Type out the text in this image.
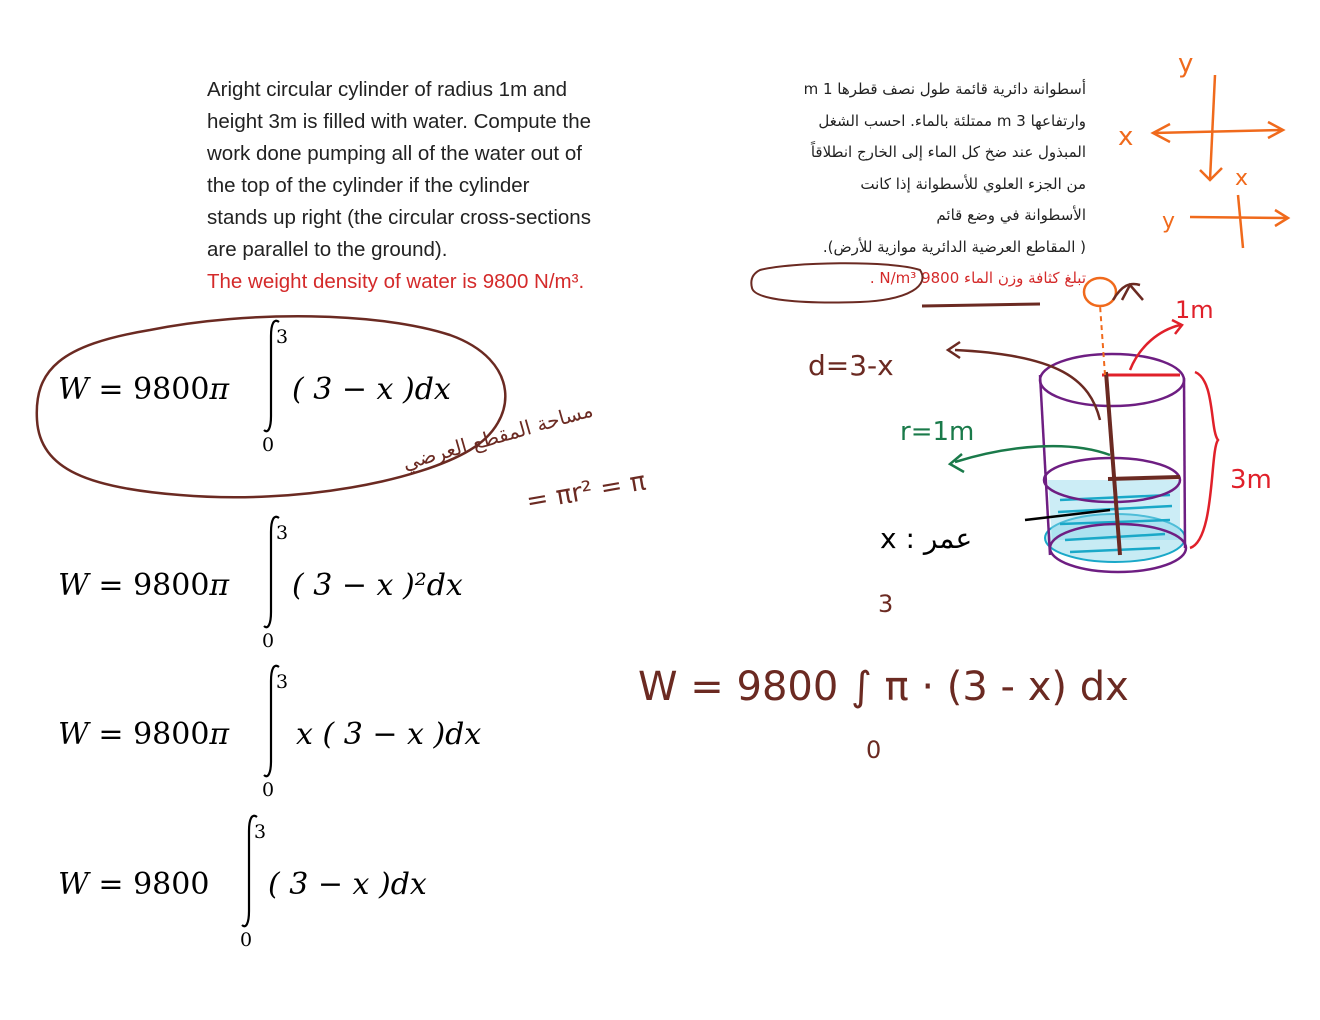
Aright circular cylinder of radius 1m and
height 3m is filled with water. Compute the
work done pumping all of the water out of
the top of the cylinder if the cylinder
stands up right (the circular cross-sections
are parallel to the ground).
The weight density of water is 9800 N/m³.
أسطوانة دائرية قائمة طول نصف قطرها 1 m
وارتفاعها 3 m ممتلئة بالماء. احسب الشغل
المبذول عند ضخ كل الماء إلى الخارج انطلاقاً
من الجزء العلوي للأسطوانة إذا كانت
الأسطوانة في وضع قائم
( المقاطع العرضية الدائرية موازية للأرض).
تبلغ كثافة وزن الماء 9800 N/m³ .
W = 9800π
3
0
( 3 − x )dx
W = 9800π
3
0
( 3 − x )²dx
W = 9800π
3
0
x ( 3 − x )dx
W = 9800
3
0
( 3 − x )dx
y
x
x
y
1m
d=3-x
r=1m
3m
x : عمر
مساحة المقطع العرضي
= πr² = π
3
W = 9800 ∫ π · (3 - x) dx
0
